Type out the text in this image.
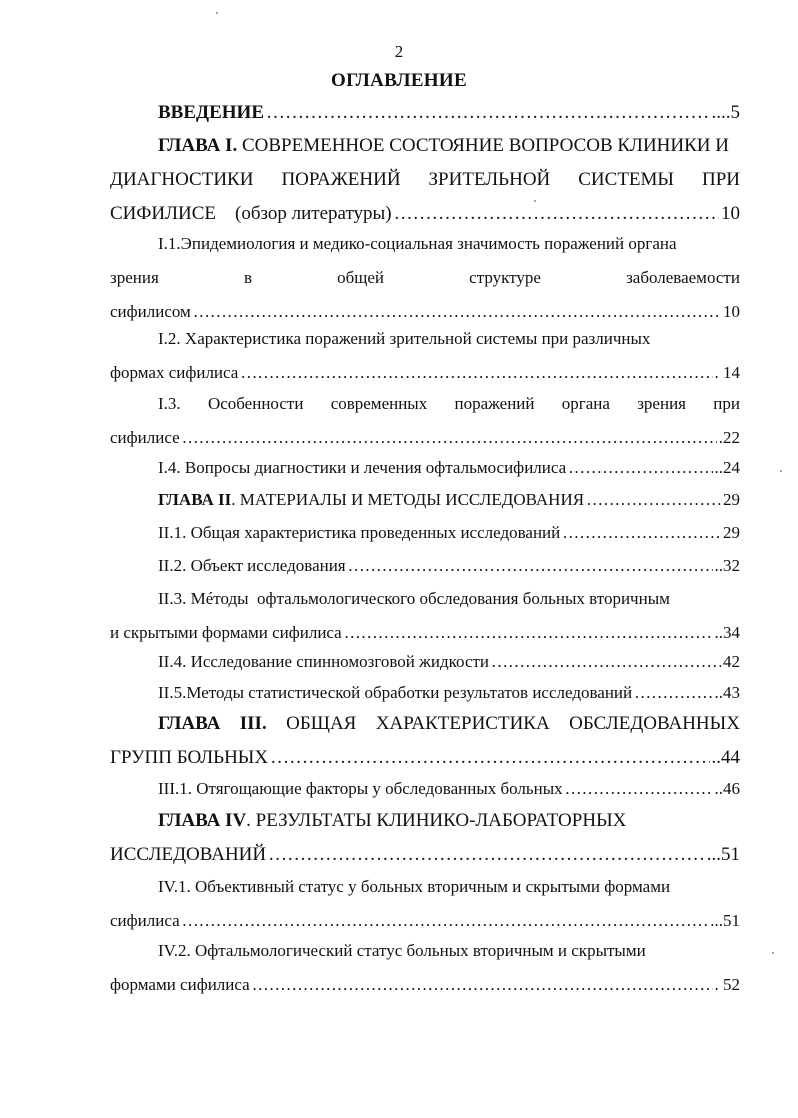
2
ОГЛАВЛЕНИЕ
ВВЕДЕНИЕ ……………………………………………………………………………………………………………………………………………………………………………………………………………………	....5
ГЛАВА I.
СОВРЕМЕННОЕ СОСТОЯНИЕ ВОПРОСОВ КЛИНИКИ И
ДИАГНОСТИКИ ПОРАЖЕНИЙ ЗРИТЕЛЬНОЙ СИСТЕМЫ ПРИ
СИФИЛИСЕ    (обзор литературы) ……………………………………………………………………………………………………………………………………………………………………………………………………………………	10
I.1.Эпидемиология и медико-социальная значимость поражений органа
зрения	в	общей	структуре	заболеваемости
сифилисом ……………………………………………………………………………………………………………………………………………………………………………………………………………………	10
I.2. Характеристика поражений зрительной системы при различных
формах сифилиса ……………………………………………………………………………………………………………………………………………………………………………………………………………………	. 14
I.3. Особенности современных поражений органа зрения при
сифилисе ……………………………………………………………………………………………………………………………………………………………………………………………………………………	.22
I.4. Вопросы диагностики и лечения офтальмосифилиса ……………………………………………………………………………………………………………………………………………………………………………………………………………………	..24
ГЛАВА II . МАТЕРИАЛЫ И МЕТОДЫ ИССЛЕДОВАНИЯ ……………………………………………………………………………………………………………………………………………………………………………………………………………………	29
II.1. Общая характеристика проведенных исследований ……………………………………………………………………………………………………………………………………………………………………………………………………………………	29
II.2. Объект исследования ……………………………………………………………………………………………………………………………………………………………………………………………………………………	..32
II.3. Мéтоды  офтальмологического обследования больных вторичным
и скрытыми формами сифилиса ……………………………………………………………………………………………………………………………………………………………………………………………………………………	..34
II.4. Исследование спинномозговой жидкости ……………………………………………………………………………………………………………………………………………………………………………………………………………………	42
II.5.Методы статистической обработки результатов исследований ……………………………………………………………………………………………………………………………………………………………………………………………………………………	..43
ГЛАВА III. ОБЩАЯ ХАРАКТЕРИСТИКА ОБСЛЕДОВАННЫХ
ГРУПП БОЛЬНЫХ ……………………………………………………………………………………………………………………………………………………………………………………………………………………	..44
III.1. Отягощающие факторы у обследованных больных ……………………………………………………………………………………………………………………………………………………………………………………………………………………	..46
ГЛАВА IV . РЕЗУЛЬТАТЫ КЛИНИКО-ЛАБОРАТОРНЫХ
ИССЛЕДОВАНИЙ ……………………………………………………………………………………………………………………………………………………………………………………………………………………	...51
IV.1. Объективный статус у больных вторичным и скрытыми формами
сифилиса ……………………………………………………………………………………………………………………………………………………………………………………………………………………	...51
IV.2. Офтальмологический статус больных вторичным и скрытыми
формами сифилиса ……………………………………………………………………………………………………………………………………………………………………………………………………………………	. 52
